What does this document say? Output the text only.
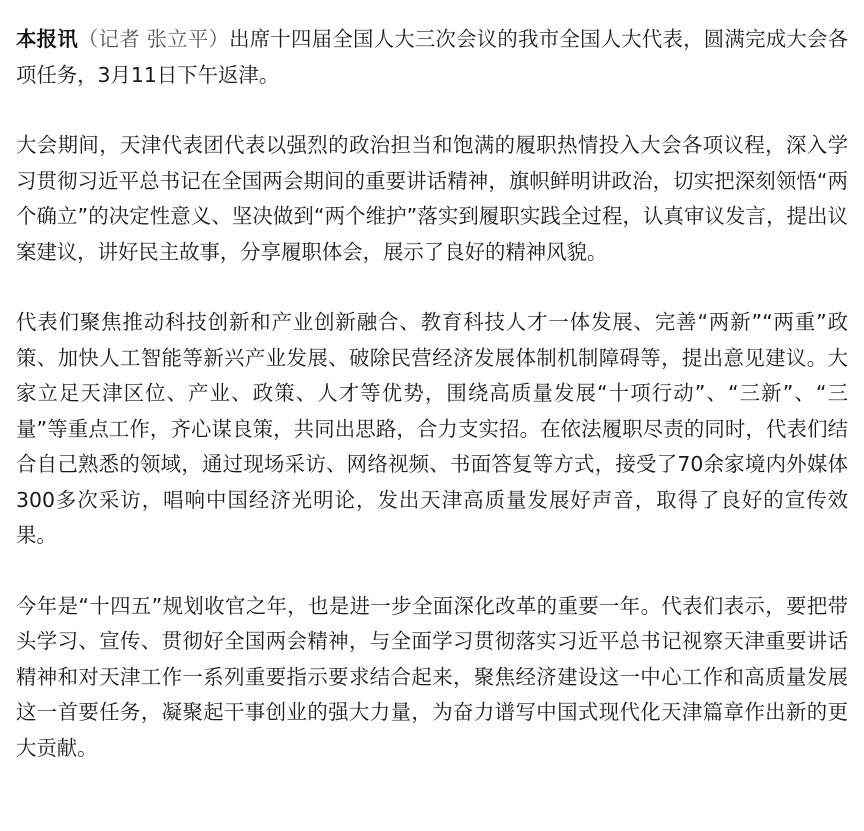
本报讯（记者 张立平）出席十四届全国人大三次会议的我市全国人大代表，圆满完成大会各项任务，3月11日下午返津。

大会期间，天津代表团代表以强烈的政治担当和饱满的履职热情投入大会各项议程，深入学习贯彻习近平总书记在全国两会期间的重要讲话精神，旗帜鲜明讲政治，切实把深刻领悟“两个确立”的决定性意义、坚决做到“两个维护”落实到履职实践全过程，认真审议发言，提出议案建议，讲好民主故事，分享履职体会，展示了良好的精神风貌。

代表们聚焦推动科技创新和产业创新融合、教育科技人才一体发展、完善“两新”“两重”政策、加快人工智能等新兴产业发展、破除民营经济发展体制机制障碍等，提出意见建议。大家立足天津区位、产业、政策、人才等优势，围绕高质量发展“十项行动”、“三新”、“三量”等重点工作，齐心谋良策，共同出思路，合力支实招。在依法履职尽责的同时，代表们结合自己熟悉的领域，通过现场采访、网络视频、书面答复等方式，接受了70余家境内外媒体300多次采访，唱响中国经济光明论，发出天津高质量发展好声音，取得了良好的宣传效果。

今年是“十四五”规划收官之年，也是进一步全面深化改革的重要一年。代表们表示，要把带头学习、宣传、贯彻好全国两会精神，与全面学习贯彻落实习近平总书记视察天津重要讲话精神和对天津工作一系列重要指示要求结合起来，聚焦经济建设这一中心工作和高质量发展这一首要任务，凝聚起干事创业的强大力量，为奋力谱写中国式现代化天津篇章作出新的更大贡献。
